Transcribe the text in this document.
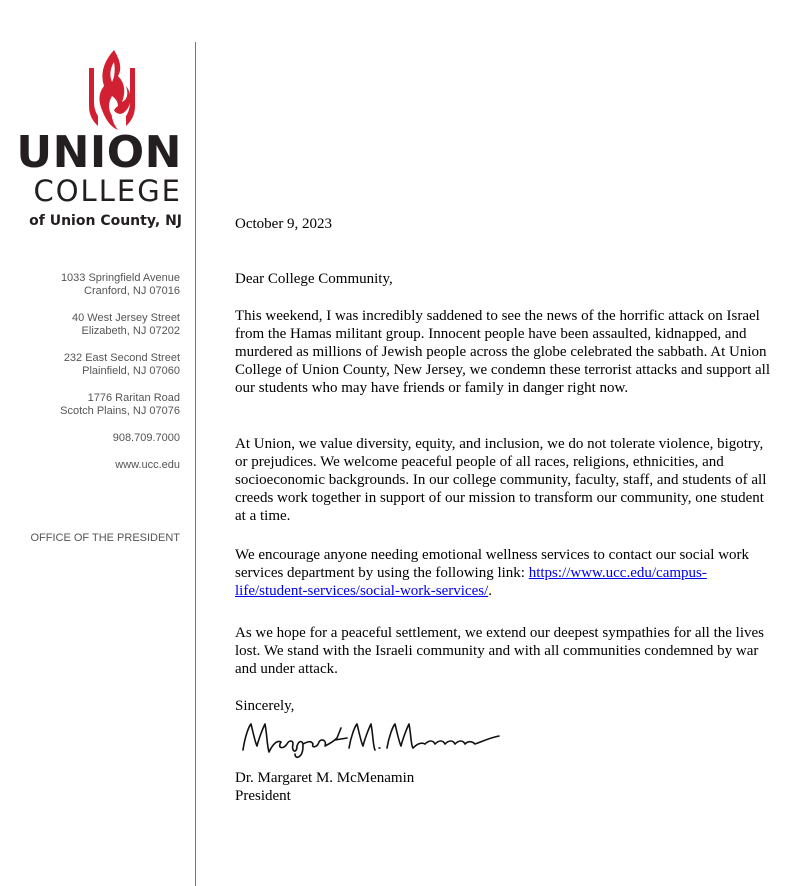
UNION
COLLEGE
of Union County, NJ
1033 Springfield Avenue
Cranford, NJ 07016
40 West Jersey Street
Elizabeth, NJ 07202
232 East Second Street
Plainfield, NJ 07060
1776 Raritan Road
Scotch Plains, NJ 07076
908.709.7000
www.ucc.edu
OFFICE OF THE PRESIDENT
October 9, 2023
Dear College Community,

This weekend, I was incredibly saddened to see the news of the horrific attack on Israel from the Hamas militant group. Innocent people have been assaulted, kidnapped, and murdered as millions of Jewish people across the globe celebrated the sabbath. At Union College of Union County, New Jersey, we condemn these terrorist attacks and support all our students who may have friends or family in danger right now.

At Union, we value diversity, equity, and inclusion, we do not tolerate violence, bigotry, or prejudices. We welcome peaceful people of all races, religions, ethnicities, and socioeconomic backgrounds. In our college community, faculty, staff, and students of all creeds work together in support of our mission to transform our community, one student at a time.

We encourage anyone needing emotional wellness services to contact our social work services department by using the following link: https://www.ucc.edu/campus-life/student-services/social-work-services/.

As we hope for a peaceful settlement, we extend our deepest sympathies for all the lives lost. We stand with the Israeli community and with all communities condemned by war and under attack.

Sincerely,
Dr. Margaret M. McMenamin
President
